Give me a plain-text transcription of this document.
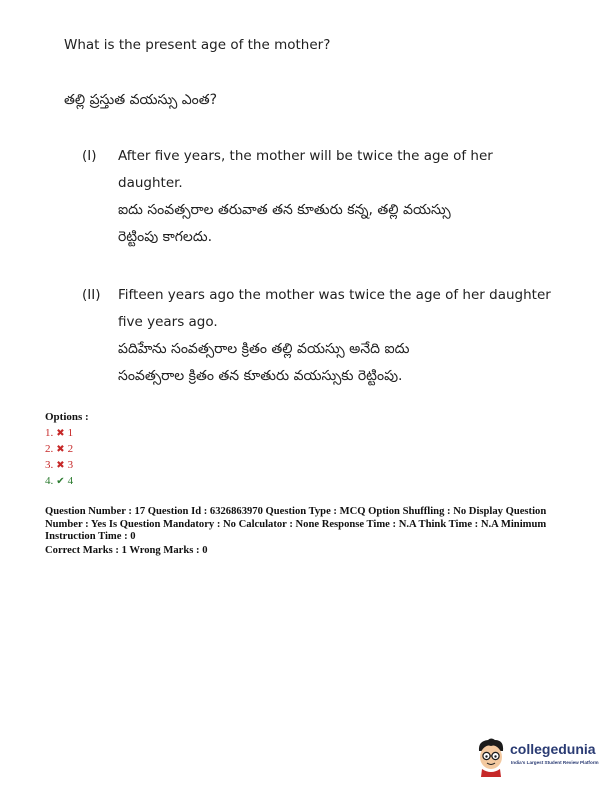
What is the present age of the mother?
తల్లి ప్రస్తుత వయస్సు ఎంత?
(I) After five years, the mother will be twice the age of her
daughter.
ఐదు సంవత్సరాల తరువాత తన కూతురు కన్న, తల్లి వయస్సు
రెట్టింపు కాగలదు.
(II) Fifteen years ago the mother was twice the age of her daughter
five years ago.
పదిహేను సంవత్సరాల క్రితం తల్లి వయస్సు అనేది ఐదు
సంవత్సరాల క్రితం తన కూతురు వయస్సుకు రెట్టింపు.
Options :
1. ✖ 1
2. ✖ 2
3. ✖ 3
4. ✔ 4
Question Number : 17 Question Id : 6326863970 Question Type : MCQ Option Shuffling : No Display Question Number : Yes Is Question Mandatory : No Calculator : None Response Time : N.A Think Time : N.A Minimum Instruction Time : 0
Correct Marks : 1 Wrong Marks : 0
collegedunia
India's Largest Student Review Platform
